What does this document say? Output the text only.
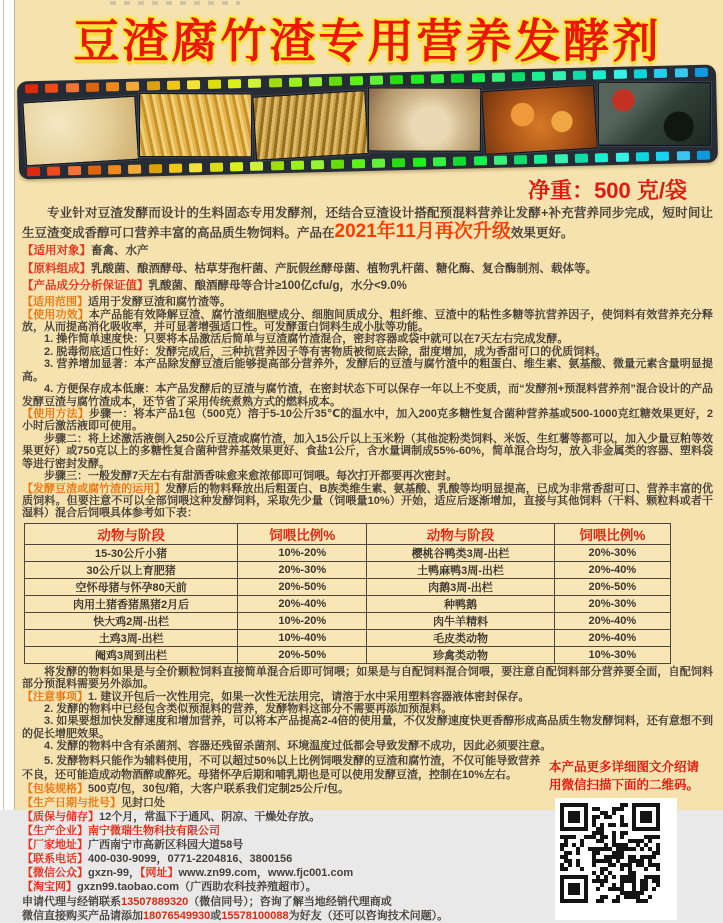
豆渣腐竹渣专用营养发酵剂
净重：500 克/袋

专业针对豆渣发酵而设计的生料固态专用发酵剂，还结合豆渣设计搭配预混料营养让发酵+补充营养同步完成，短时间让生豆渣变成香醇可口营养丰富的高品质生物饲料。产品在2021年11月再次升级效果更好。

【适用对象】畜禽、水产

【原料组成】乳酸菌、酿酒酵母、枯草芽孢杆菌、产朊假丝酵母菌、植物乳杆菌、糖化酶、复合酶制剂、载体等。

【产品成分分析保证值】乳酸菌、酿酒酵母等合计≥100亿cfu/g，水分<9.0%

【适用范围】适用于发酵豆渣和腐竹渣等。

【使用功效】本产品能有效降解豆渣、腐竹渣细胞壁成分、细胞间质成分、粗纤维、豆渣中的粘性多糖等抗营养因子，使饲料有效营养充分释放，从而提高消化吸收率，并可显著增强适口性。可发酵蛋白饲料生成小肽等功能。

1. 操作简单速度快：只要将本品激活后简单与豆渣腐竹渣混合，密封容器或袋中就可以在7天左右完成发酵。

2. 脱毒彻底适口性好：发酵完成后，三种抗营养因子等有害物质被彻底去除，甜度增加，成为香甜可口的优质饲料。

3. 营养增加显著：本产品除发酵豆渣后能够提高部分营养外，发酵后的豆渣与腐竹渣中的粗蛋白、维生素、氨基酸、微量元素含量明显提高。

4. 方便保存成本低廉：本产品发酵后的豆渣与腐竹渣，在密封状态下可以保存一年以上不变质，而“发酵剂+预混料营养剂”混合设计的产品发酵豆渣与腐竹渣成本，还节省了采用传统煮熟方式的燃料成本。

【使用方法】步骤一：将本产品1包（500克）溶于5-10公斤35℃的温水中，加入200克多糖性复合菌种营养基或500-1000克红糖效果更好，2小时后激活液即可使用。

步骤二：将上述激活液倒入250公斤豆渣或腐竹渣，加入15公斤以上玉米粉（其他淀粉类饲料、米饭、生红薯等都可以，加入少量豆粕等效果更好）或750克以上的多糖性复合菌种营养基效果更好、食盐1公斤，含水量调制成55%-60%，简单混合均匀，放入非金属类的容器、塑料袋等进行密封发酵。

步骤三：一般发酵7天左右有甜酒香味愈来愈浓郁即可饲喂。每次打开都要再次密封。

【发酵豆渣或腐竹渣的运用】发酵后的物料释放出后粗蛋白、B族类维生素、氨基酸、乳酸等均明显提高，已成为非常香甜可口、营养丰富的优质饲料。但要注意不可以全部饲喂这种发酵饲料，采取先少量（饲喂量10%）开始，适应后逐渐增加，直接与其他饲料（干料、颗粒料或者干湿料）混合后饲喂具体参考如下表：

动物与阶段	饲喂比例%	动物与阶段	饲喂比例%
15-30公斤小猪	10%-20%	樱桃谷鸭类3周-出栏	20%-30%
30公斤以上育肥猪	20%-30%	土鸭麻鸭3周-出栏	20%-40%
空怀母猪与怀孕80天前	20%-50%	肉鹅3周-出栏	20%-50%
肉用土猪香猪黑猪2月后	20%-40%	种鸭鹅	20%-30%
快大鸡2周-出栏	10%-20%	肉牛羊精料	20%-40%
土鸡3周-出栏	10%-40%	毛皮类动物	20%-40%
阉鸡3周到出栏	20%-50%	珍禽类动物	10%-30%

将发酵的物料如果是与全价颗粒饲料直接简单混合后即可饲喂；如果是与自配饲料混合饲喂，要注意自配饲料部分营养要全面，自配饲料部分预混料需要另外添加。

【注意事项】1. 建议开包后一次性用完，如果一次性无法用完，请溶于水中采用塑料容器液体密封保存。

2. 发酵的物料中已经包含类似预混料的营养，发酵物料这部分不需要再添加预混料。

3. 如果要想加快发酵速度和增加营养，可以将本产品提高2-4倍的使用量，不仅发酵速度快更香醇形成高品质生物发酵饲料，还有意想不到的促长增肥效果。

4. 发酵的物料中含有杀菌剂、容器还残留杀菌剂、环境温度过低都会导致发酵不成功，因此必须要注意。

5. 发酵物料只能作为辅料使用，不可以超过50%以上比例饲喂发酵的豆渣和腐竹渣，不仅可能导致营养不良，还可能造成动物酒醉或醉死。母猪怀孕后期和哺乳期也是可以使用发酵豆渣，控制在10%左右。

【包装规格】500克/包，30包/箱，大客户联系我们定制25公斤/包。

【生产日期与批号】见封口处

【质保与储存】12个月，常温下于通风、阴凉、干燥处存放。

【生产企业】南宁微瑞生物科技有限公司

【厂家地址】广西南宁市高新区科园大道58号

【联系电话】400-030-9099，0771-2204816、3800156

【微信公众】gxzn-99，【网址】www.zn99.com，www.fjc001.com

【淘宝网】gxzn99.taobao.com（广西助农科技养殖超市）。

申请代理与经销联系13507889320（微信同号）；咨询了解当地经销代理商或

微信直接购买产品请添加18076549930或15578100088为好友（还可以咨询技术问题）。

本产品更多详细图文介绍请
用微信扫描下面的二维码。
